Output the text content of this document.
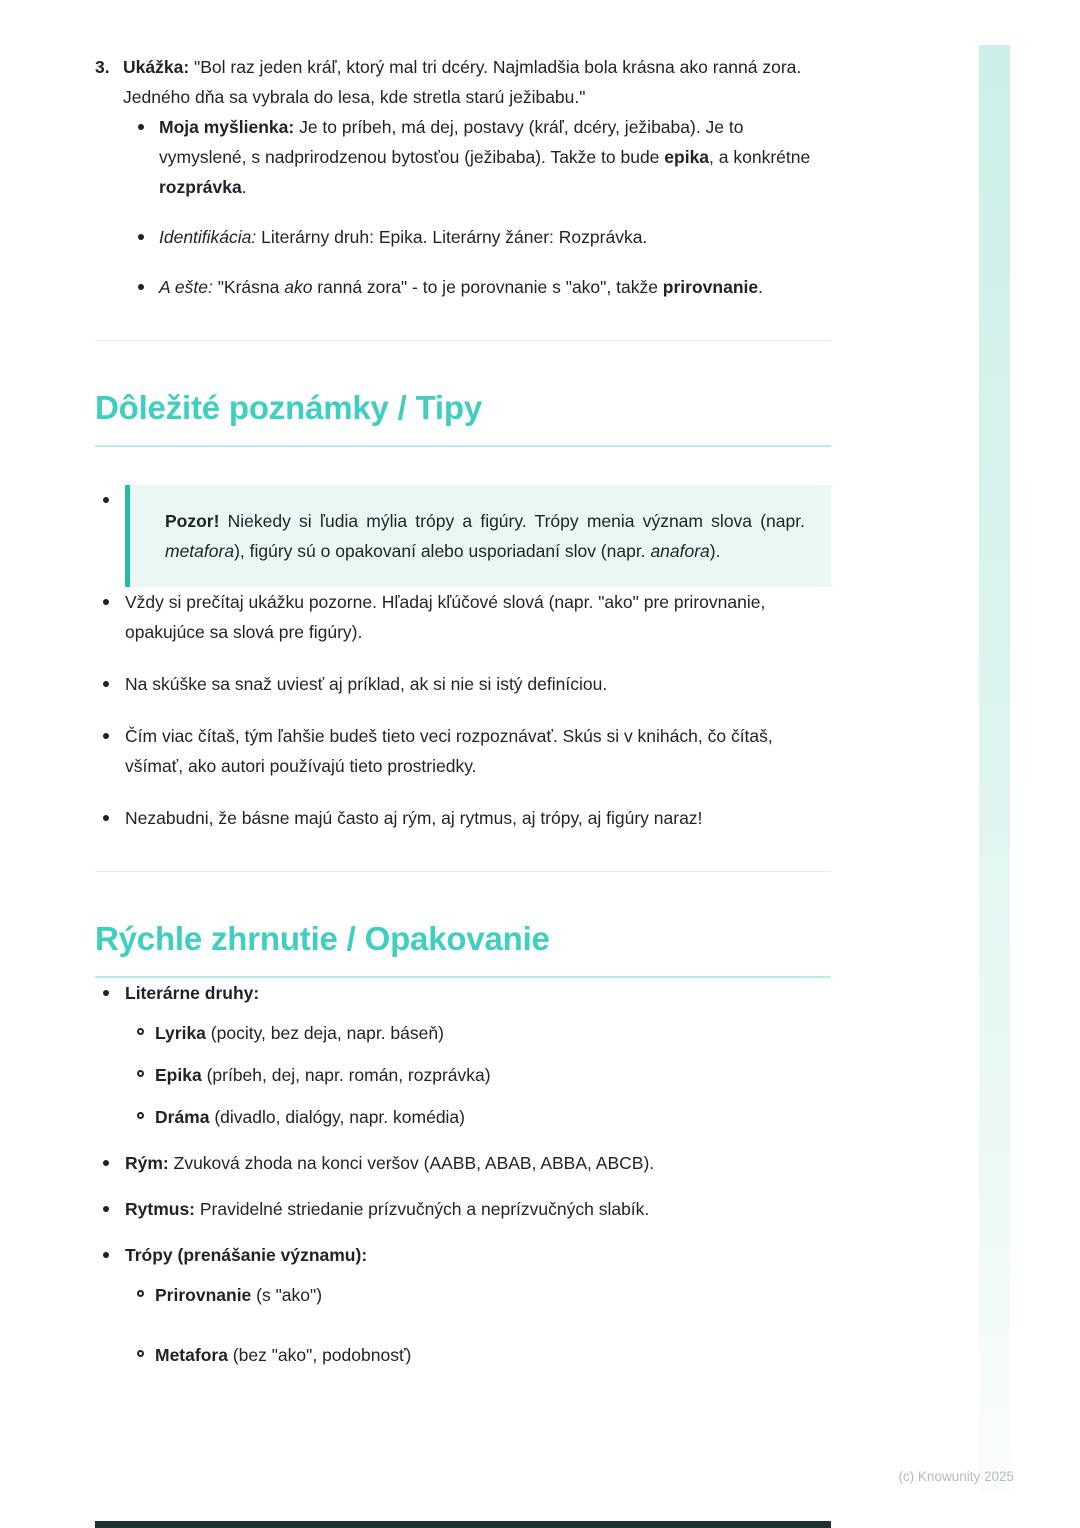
3. Ukážka: "Bol raz jeden kráľ, ktorý mal tri dcéry. Najmladšia bola krásna ako ranná zora. Jedného dňa sa vybrala do lesa, kde stretla starú ježibabu."

Moja myšlienka: Je to príbeh, má dej, postavy (kráľ, dcéry, ježibaba). Je to vymyslené, s nadprirodzenou bytosťou (ježibaba). Takže to bude epika, a konkrétne rozprávka.

Identifikácia: Literárny druh: Epika. Literárny žáner: Rozprávka.

A ešte: "Krásna ako ranná zora" - to je porovnanie s "ako", takže prirovnanie.

Dôležité poznámky / Tipy

Pozor! Niekedy si ľudia mýlia trópy a figúry. Trópy menia význam slova (napr. metafora), figúry sú o opakovaní alebo usporiadaní slov (napr. anafora).

Vždy si prečítaj ukážku pozorne. Hľadaj kľúčové slová (napr. "ako" pre prirovnanie, opakujúce sa slová pre figúry).

Na skúške sa snaž uviesť aj príklad, ak si nie si istý definíciou.

Čím viac čítaš, tým ľahšie budeš tieto veci rozpoznávať. Skús si v knihách, čo čítaš, všímať, ako autori používajú tieto prostriedky.

Nezabudni, že básne majú často aj rým, aj rytmus, aj trópy, aj figúry naraz!

Rýchle zhrnutie / Opakovanie

Literárne druhy:

Lyrika (pocity, bez deja, napr. báseň)

Epika (príbeh, dej, napr. román, rozprávka)

Dráma (divadlo, dialógy, napr. komédia)

Rým: Zvuková zhoda na konci veršov (AABB, ABAB, ABBA, ABCB).

Rytmus: Pravidelné striedanie prízvučných a neprízvučných slabík.

Trópy (prenášanie významu):

Prirovnanie (s "ako")

Metafora (bez "ako", podobnosť)

(c) Knowunity 2025
